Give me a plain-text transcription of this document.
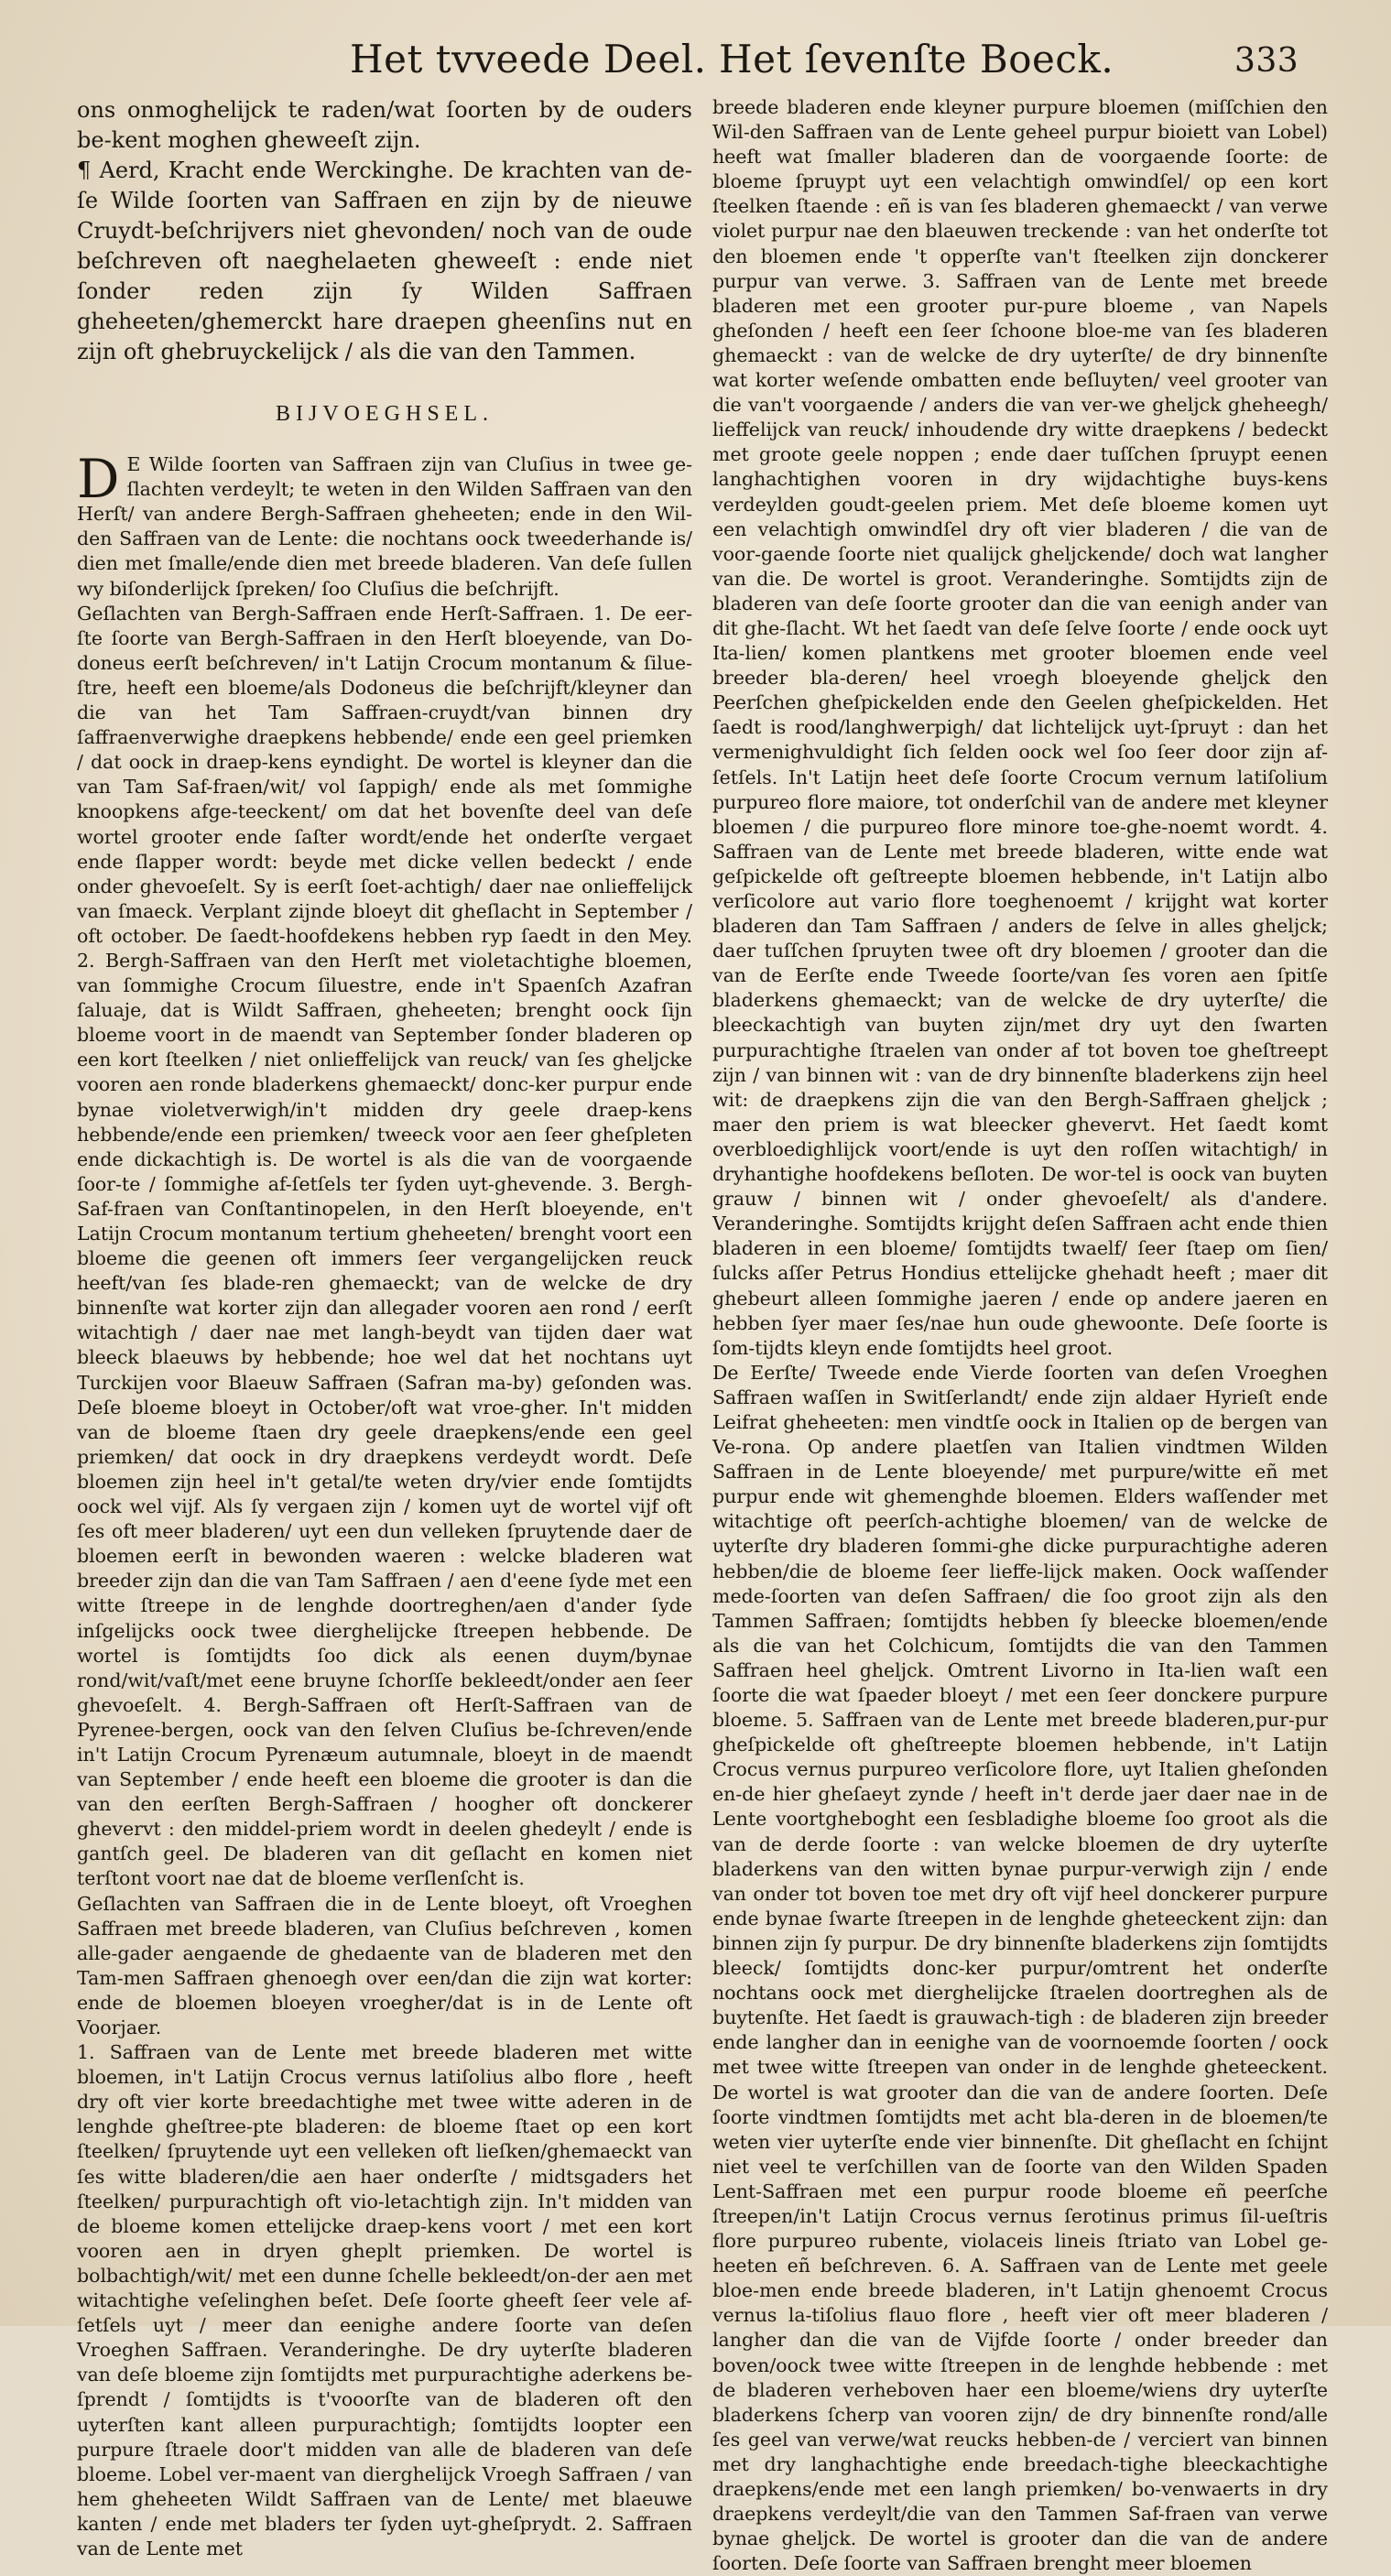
Het tvveede Deel. Het ſevenſte Boeck.	333

ons onmoghelijck te raden/wat ſoorten by de ouders be-kent moghen gheweeſt zijn.

¶ Aerd, Kracht ende Werckinghe. De krachten van de-ſe Wilde ſoorten van Saffraen en zijn by de nieuwe Cruydt-beſchrijvers niet ghevonden/ noch van de oude beſchreven oft naeghelaeten gheweeſt : ende niet ſonder reden zijn ſy Wilden Saffraen gheheeten/ghemerckt hare draepen gheenſins nut en zijn oft ghebruyckelijck / als die van den Tammen.

BIJVOEGHSEL.

D E Wilde ſoorten van Saffraen zijn van Cluſius in twee ge-ſlachten verdeylt; te weten in den Wilden Saffraen van den Herſt/ van andere Bergh-Saffraen gheheeten; ende in den Wil-den Saffraen van de Lente: die nochtans oock tweederhande is/ dien met ſmalle/ende dien met breede bladeren. Van deſe ſullen wy biſonderlijck ſpreken/ ſoo Cluſius die beſchrijft.

Geſlachten van Bergh-Saffraen ende Herſt-Saffraen. 1. De eer-ſte ſoorte van Bergh-Saffraen in den Herſt bloeyende, van Do-doneus eerſt beſchreven/ in't Latijn Crocum montanum & ſilue-ſtre, heeft een bloeme/als Dodoneus die beſchrijft/kleyner dan die van het Tam Saffraen-cruydt/van binnen dry ſaffraenverwighe draepkens hebbende/ ende een geel priemken / dat oock in draep-kens eyndight. De wortel is kleyner dan die van Tam Saf-fraen/wit/ vol ſappigh/ ende als met ſommighe knoopkens afge-teeckent/ om dat het bovenſte deel van deſe wortel grooter ende ſaſter wordt/ende het onderſte vergaet ende ſlapper wordt: beyde met dicke vellen bedeckt / ende onder ghevoeſelt. Sy is eerſt ſoet-achtigh/ daer nae onlieffelijck van ſmaeck. Verplant zijnde bloeyt dit gheſlacht in September / oft october. De ſaedt-hoofdekens hebben ryp ſaedt in den Mey. 2. Bergh-Saffraen van den Herſt met violetachtighe bloemen, van ſommighe Crocum ſiluestre, ende in't Spaenſch Azafran ſaluaje, dat is Wildt Saffraen, gheheeten; brenght oock ſijn bloeme voort in de maendt van September ſonder bladeren op een kort ſteelken / niet onlieffelijck van reuck/ van ſes gheljcke vooren aen ronde bladerkens ghemaeckt/ donc-ker purpur ende bynae violetverwigh/in't midden dry geele draep-kens hebbende/ende een priemken/ tweeck voor aen ſeer gheſpleten ende dickachtigh is. De wortel is als die van de voorgaende ſoor-te / ſommighe af-ſetſels ter ſyden uyt-ghevende. 3. Bergh-Saf-fraen van Conſtantinopelen, in den Herſt bloeyende, en't Latijn Crocum montanum tertium gheheeten/ brenght voort een bloeme die geenen oft immers ſeer vergangelijcken reuck heeft/van ſes blade-ren ghemaeckt; van de welcke de dry binnenſte wat korter zijn dan allegader vooren aen rond / eerſt witachtigh / daer nae met langh-beydt van tijden daer wat bleeck blaeuws by hebbende; hoe wel dat het nochtans uyt Turckijen voor Blaeuw Saffraen (Safran ma-by) geſonden was. Deſe bloeme bloeyt in October/oft wat vroe-gher. In't midden van de bloeme ſtaen dry geele draepkens/ende een geel priemken/ dat oock in dry draepkens verdeydt wordt. Deſe bloemen zijn heel in't getal/te weten dry/vier ende ſomtijdts oock wel vijf. Als ſy vergaen zijn / komen uyt de wortel vijf oft ſes oft meer bladeren/ uyt een dun velleken ſpruytende daer de bloemen eerſt in bewonden waeren : welcke bladeren wat breeder zijn dan die van Tam Saffraen / aen d'eene ſyde met een witte ſtreepe in de lenghde doortreghen/aen d'ander ſyde inſgelijcks oock twee dierghelijcke ſtreepen hebbende. De wortel is ſomtijdts ſoo dick als eenen duym/bynae rond/wit/vaſt/met eene bruyne ſchorſſe bekleedt/onder aen ſeer ghevoeſelt. 4. Bergh-Saffraen oft Herſt-Saffraen van de Pyrenee-bergen, oock van den ſelven Cluſius be-ſchreven/ende in't Latijn Crocum Pyrenæum autumnale, bloeyt in de maendt van September / ende heeft een bloeme die grooter is dan die van den eerſten Bergh-Saffraen / hoogher oft donckerer ghevervt : den middel-priem wordt in deelen ghedeylt / ende is gantſch geel. De bladeren van dit geſlacht en komen niet terſtont voort nae dat de bloeme verſlenſcht is.

Geſlachten van Saffraen die in de Lente bloeyt, oft Vroeghen Saffraen met breede bladeren, van Cluſius beſchreven , komen alle-gader aengaende de ghedaente van de bladeren met den Tam-men Saffraen ghenoegh over een/dan die zijn wat korter: ende de bloemen bloeyen vroegher/dat is in de Lente oft Voorjaer.

1. Saffraen van de Lente met breede bladeren met witte bloemen, in't Latijn Crocus vernus latiſolius albo flore , heeft dry oft vier korte breedachtighe met twee witte aderen in de lenghde gheſtree-pte bladeren: de bloeme ſtaet op een kort ſteelken/ ſpruytende uyt een velleken oft lieſken/ghemaeckt van ſes witte bladeren/die aen haer onderſte / midtsgaders het ſteelken/ purpurachtigh oft vio-letachtigh zijn. In't midden van de bloeme komen ettelijcke draep-kens voort / met een kort vooren aen in dryen gheplt priemken. De wortel is bolbachtigh/wit/ met een dunne ſchelle bekleedt/on-der aen met witachtighe veſelinghen beſet. Deſe ſoorte gheeft ſeer vele af-ſetſels uyt / meer dan eenighe andere ſoorte van deſen Vroeghen Saffraen. Veranderinghe. De dry uyterſte bladeren van deſe bloeme zijn ſomtijdts met purpurachtighe aderkens be-ſprendt / ſomtijdts is t'vooorſte van de bladeren oft den uyterſten kant alleen purpurachtigh; ſomtijdts loopter een purpure ſtraele door't midden van alle de bladeren van deſe bloeme. Lobel ver-maent van dierghelijck Vroegh Saffraen / van hem gheheeten Wildt Saffraen van de Lente/ met blaeuwe kanten / ende met bladers ter ſyden uyt-gheſprydt. 2. Saffraen van de Lente met

breede bladeren ende kleyner purpure bloemen (miſſchien den Wil-den Saffraen van de Lente geheel purpur bioiett van Lobel) heeft wat ſmaller bladeren dan de voorgaende ſoorte: de bloeme ſpruypt uyt een velachtigh omwindſel/ op een kort ſteelken ſtaende : eñ is van ſes bladeren ghemaeckt / van verwe violet purpur nae den blaeuwen treckende : van het onderſte tot den bloemen ende 't opperſte van't ſteelken zijn donckerer purpur van verwe. 3. Saffraen van de Lente met breede bladeren met een grooter pur-pure bloeme , van Napels gheſonden / heeft een ſeer ſchoone bloe-me van ſes bladeren ghemaeckt : van de welcke de dry uyterſte/ de dry binnenſte wat korter weſende ombatten ende beſluyten/ veel grooter van die van't voorgaende / anders die van ver-we gheljck gheheegh/ lieffelijck van reuck/ inhoudende dry witte draepkens / bedeckt met groote geele noppen ; ende daer tuſſchen ſpruypt eenen langhachtighen vooren in dry wijdachtighe buys-kens verdeylden goudt-geelen priem. Met deſe bloeme komen uyt een velachtigh omwindſel dry oft vier bladeren / die van de voor-gaende ſoorte niet qualijck gheljckende/ doch wat langher van die. De wortel is groot. Veranderinghe. Somtijdts zijn de bladeren van deſe ſoorte grooter dan die van eenigh ander van dit ghe-ſlacht. Wt het ſaedt van deſe ſelve ſoorte / ende oock uyt Ita-lien/ komen plantkens met grooter bloemen ende veel breeder bla-deren/ heel vroegh bloeyende gheljck den Peerſchen gheſpickelden ende den Geelen gheſpickelden. Het ſaedt is rood/langhwerpigh/ dat lichtelijck uyt-ſpruyt : dan het vermenighvuldight ſich ſelden oock wel ſoo ſeer door zijn af-ſetſels. In't Latijn heet deſe ſoorte Crocum vernum latiſolium purpureo flore maiore, tot onderſchil van de andere met kleyner bloemen / die purpureo flore minore toe-ghe-noemt wordt. 4. Saffraen van de Lente met breede bladeren, witte ende wat geſpickelde oft geſtreepte bloemen hebbende, in't Latijn albo verſicolore aut vario flore toeghenoemt / krijght wat korter bladeren dan Tam Saffraen / anders de ſelve in alles gheljck; daer tuſſchen ſpruyten twee oft dry bloemen / grooter dan die van de Eerſte ende Tweede ſoorte/van ſes voren aen ſpitſe bladerkens ghemaeckt; van de welcke de dry uyterſte/ die bleeckachtigh van buyten zijn/met dry uyt den ſwarten purpurachtighe ſtraelen van onder af tot boven toe gheſtreept zijn / van binnen wit : van de dry binnenſte bladerkens zijn heel wit: de draepkens zijn die van den Bergh-Saffraen gheljck ; maer den priem is wat bleecker ghevervt. Het ſaedt komt overbloedighlijck voort/ende is uyt den roſſen witachtigh/ in dryhantighe hoofdekens beſloten. De wor-tel is oock van buyten grauw / binnen wit / onder ghevoeſelt/ als d'andere. Veranderinghe. Somtijdts krijght deſen Saffraen acht ende thien bladeren in een bloeme/ ſomtijdts twaelf/ ſeer ſtaep om ſien/ ſulcks aſſer Petrus Hondius ettelijcke ghehadt heeft ; maer dit ghebeurt alleen ſommighe jaeren / ende op andere jaeren en hebben ſyer maer ſes/nae hun oude ghewoonte. Deſe ſoorte is ſom-tijdts kleyn ende ſomtijdts heel groot.

De Eerſte/ Tweede ende Vierde ſoorten van deſen Vroeghen Saffraen waſſen in Switſerlandt/ ende zijn aldaer Hyrieſt ende Leifrat gheheeten: men vindtſe oock in Italien op de bergen van Ve-rona. Op andere plaetſen van Italien vindtmen Wilden Saffraen in de Lente bloeyende/ met purpure/witte eñ met purpur ende wit ghemenghde bloemen. Elders waſſender met witachtige oft peerſch-achtighe bloemen/ van de welcke de uyterſte dry bladeren ſommi-ghe dicke purpurachtighe aderen hebben/die de bloeme ſeer lieffe-lijck maken. Oock waſſender mede-ſoorten van deſen Saffraen/ die ſoo groot zijn als den Tammen Saffraen; ſomtijdts hebben ſy bleecke bloemen/ende als die van het Colchicum, ſomtijdts die van den Tammen Saffraen heel gheljck. Omtrent Livorno in Ita-lien waſt een ſoorte die wat ſpaeder bloeyt / met een ſeer donckere purpure bloeme. 5. Saffraen van de Lente met breede bladeren,pur-pur gheſpickelde oft gheſtreepte bloemen hebbende, in't Latijn Crocus vernus purpureo verſicolore flore, uyt Italien gheſonden en-de hier gheſaeyt zynde / heeft in't derde jaer daer nae in de Lente voortgheboght een ſesbladighe bloeme ſoo groot als die van de derde ſoorte : van welcke bloemen de dry uyterſte bladerkens van den witten bynae purpur-verwigh zijn / ende van onder tot boven toe met dry oft vijf heel donckerer purpure ende bynae ſwarte ſtreepen in de lenghde gheteeckent zijn: dan binnen zijn ſy purpur. De dry binnenſte bladerkens zijn ſomtijdts bleeck/ ſomtijdts donc-ker purpur/omtrent het onderſte nochtans oock met dierghelijcke ſtraelen doortreghen als de buytenſte. Het ſaedt is grauwach-tigh : de bladeren zijn breeder ende langher dan in eenighe van de voornoemde ſoorten / oock met twee witte ſtreepen van onder in de lenghde gheteeckent. De wortel is wat grooter dan die van de andere ſoorten. Deſe ſoorte vindtmen ſomtijdts met acht bla-deren in de bloemen/te weten vier uyterſte ende vier binnenſte. Dit gheſlacht en ſchijnt niet veel te verſchillen van de ſoorte van den Wilden Spaden Lent-Saffraen met een purpur roode bloeme eñ peerſche ſtreepen/in't Latijn Crocus vernus ſerotinus primus ſil-ueſtris flore purpureo rubente, violaceis lineis ſtriato van Lobel ge-heeten eñ beſchreven. 6. A. Saffraen van de Lente met geele bloe-men ende breede bladeren, in't Latijn ghenoemt Crocus vernus la-tiſolius flauo flore , heeft vier oft meer bladeren / langher dan die van de Vijfde ſoorte / onder breeder dan boven/oock twee witte ſtreepen in de lenghde hebbende : met de bladeren verheboven haer een bloeme/wiens dry uyterſte bladerkens ſcherp van vooren zijn/ de dry binnenſte rond/alle ſes geel van verwe/wat reucks hebben-de / verciert van binnen met dry langhachtighe ende breedach-tighe bleeckachtighe draepkens/ende met een langh priemken/ bo-venwaerts in dry draepkens verdeylt/die van den Tammen Saf-fraen van verwe bynae gheljck. De wortel is grooter dan die van de andere ſoorten. Deſe ſoorte van Saffraen brenght meer bloemen
